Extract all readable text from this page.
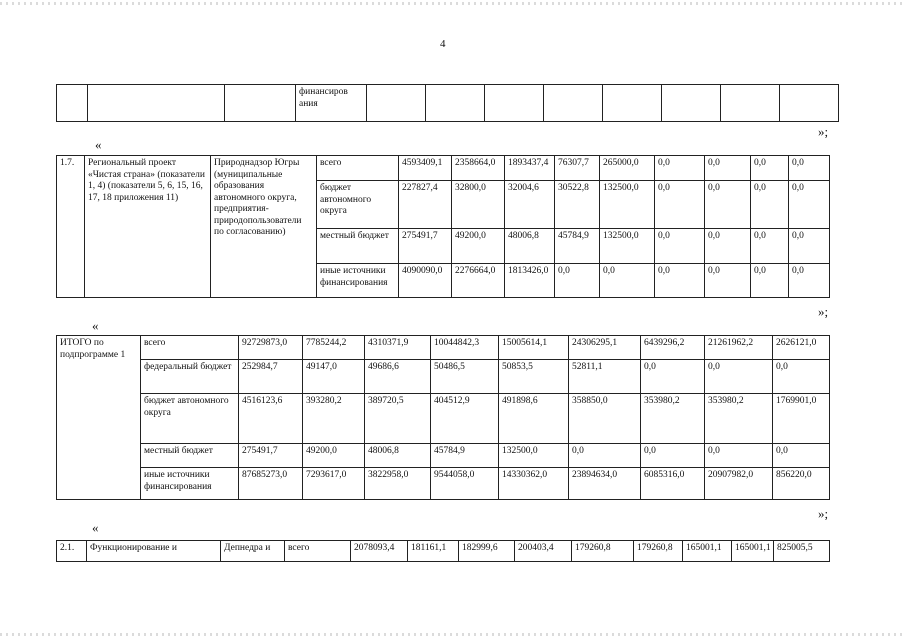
4
			финансиров ания								
«
»;
1.7.	Региональный проект «Чистая страна» (показатели 1, 4) (показатели 5, 6, 15, 16, 17, 18 приложения 11)	Природнадзор Югры (муниципальные образования автономного округа, предприятия-природопользователи по согласованию)	всего	4593409,1	2358664,0	1893437,4	76307,7	265000,0	0,0	0,0	0,0	0,0
			бюджет автономного округа	227827,4	32800,0	32004,6	30522,8	132500,0	0,0	0,0	0,0	0,0
			местный бюджет	275491,7	49200,0	48006,8	45784,9	132500,0	0,0	0,0	0,0	0,0
			иные источники финансирования	4090090,0	2276664,0	1813426,0	0,0	0,0	0,0	0,0	0,0	0,0
«
»;
ИТОГО по подпрограмме 1	всего	92729873,0	7785244,2	4310371,9	10044842,3	15005614,1	24306295,1	6439296,2	21261962,2	2626121,0
	федеральный бюджет	252984,7	49147,0	49686,6	50486,5	50853,5	52811,1	0,0	0,0	0,0
	бюджет автономного округа	4516123,6	393280,2	389720,5	404512,9	491898,6	358850,0	353980,2	353980,2	1769901,0
	местный бюджет	275491,7	49200,0	48006,8	45784,9	132500,0	0,0	0,0	0,0	0,0
	иные источники финансирования	87685273,0	7293617,0	3822958,0	9544058,0	14330362,0	23894634,0	6085316,0	20907982,0	856220,0
«
»;
2.1.	Функционирование и	Депнедра и	всего	2078093,4	181161,1	182999,6	200403,4	179260,8	179260,8	165001,1	165001,1	825005,5
